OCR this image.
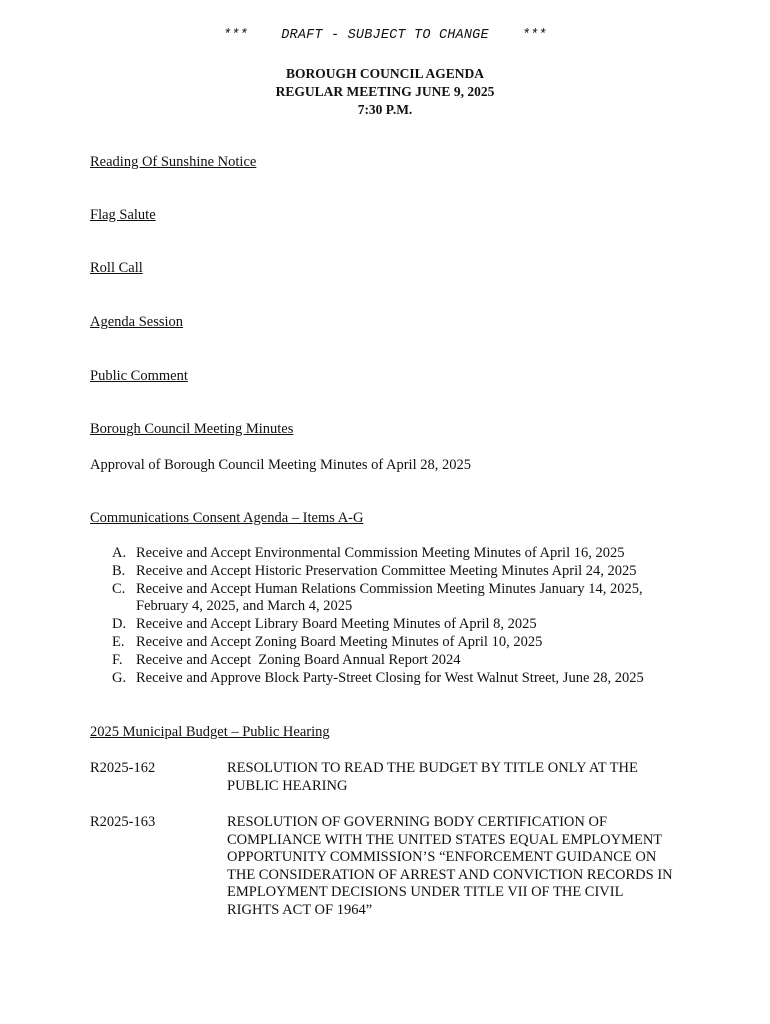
***    DRAFT - SUBJECT TO CHANGE    ***
BOROUGH COUNCIL AGENDA
REGULAR MEETING JUNE 9, 2025
7:30 P.M.
Reading Of Sunshine Notice
Flag Salute
Roll Call
Agenda Session
Public Comment
Borough Council Meeting Minutes
Approval of Borough Council Meeting Minutes of April 28, 2025
Communications Consent Agenda – Items A-G
A. Receive and Accept Environmental Commission Meeting Minutes of April 16, 2025
B. Receive and Accept Historic Preservation Committee Meeting Minutes April 24, 2025
C. Receive and Accept Human Relations Commission Meeting Minutes January 14, 2025, February 4, 2025, and March 4, 2025
D. Receive and Accept Library Board Meeting Minutes of April 8, 2025
E. Receive and Accept Zoning Board Meeting Minutes of April 10, 2025
F. Receive and Accept  Zoning Board Annual Report 2024
G. Receive and Approve Block Party-Street Closing for West Walnut Street, June 28, 2025
2025 Municipal Budget – Public Hearing
R2025-162	RESOLUTION TO READ THE BUDGET BY TITLE ONLY AT THE PUBLIC HEARING
R2025-163	RESOLUTION OF GOVERNING BODY CERTIFICATION OF COMPLIANCE WITH THE UNITED STATES EQUAL EMPLOYMENT OPPORTUNITY COMMISSION’S “ENFORCEMENT GUIDANCE ON THE CONSIDERATION OF ARREST AND CONVICTION RECORDS IN EMPLOYMENT DECISIONS UNDER TITLE VII OF THE CIVIL RIGHTS ACT OF 1964”
